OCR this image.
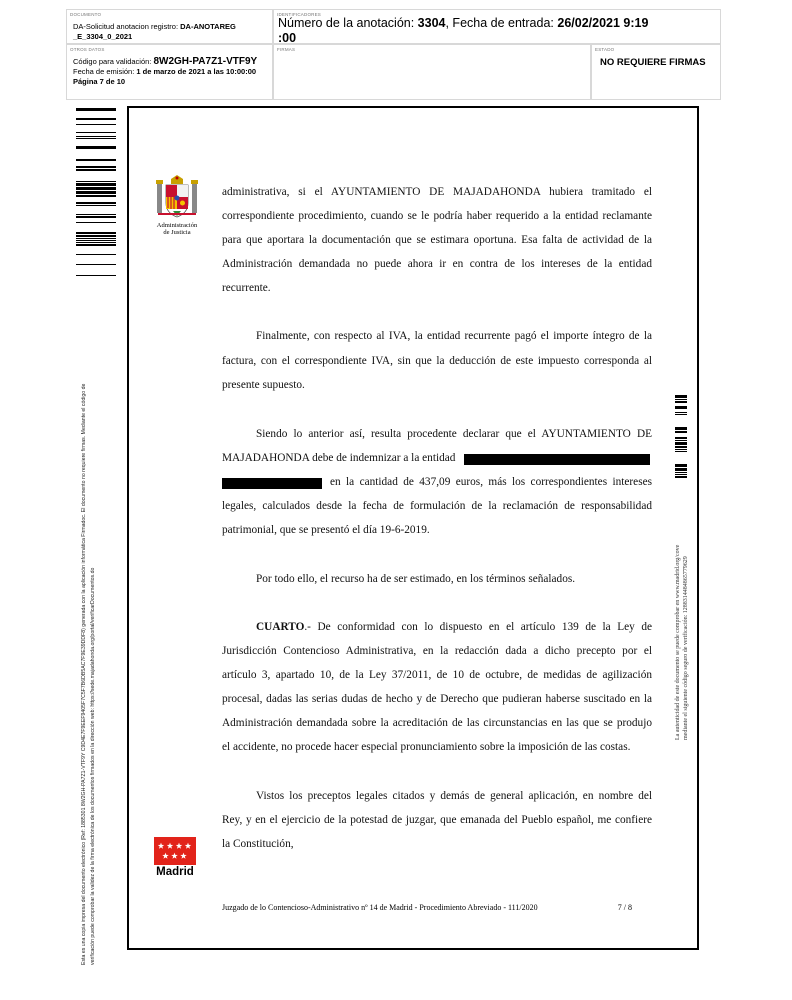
DOCUMENTO
DA-Solicitud anotacion registro: DA-ANOTAREG
_E_3304_0_2021
IDENTIFICADORES
Número de la anotación: 3304, Fecha de entrada: 26/02/2021 9:19
:00
OTROS DATOS
Código para validación: 8W2GH-PA7Z1-VTF9Y
Fecha de emisión: 1 de marzo de 2021 a las 10:00:00
Página 7 de 10
FIRMAS	ESTADO
NO REQUIERE FIRMAS
Esta es una copia impresa del documento electrónico (Ref: 1885301 8W2GH-PA7Z1-VTF9Y C9D4E7F9EEF9405F7C5F7B6DB5AC7F9E39DDF8) generada con la aplicación informática Firmadoc. El documento no requiere firmas. Mediante el código de verificación puede comprobar la validez de la firma electrónica de los documentos firmados en la dirección web: https://sede.majadahonda.org/portal/verificarDocumentos.do
Administración
de Justicia
Madrid
administrativa, si el AYUNTAMIENTO DE MAJADAHONDA hubiera tramitado el
correspondiente procedimiento, cuando se le podría haber requerido a la entidad reclamante
para que aportara la documentación que se estimara oportuna. Esa falta de actividad de la
Administración demandada no puede ahora ir en contra de los intereses de la entidad
recurrente.
Finalmente, con respecto al IVA, la entidad recurrente pagó el importe íntegro de la
factura, con el correspondiente IVA, sin que la deducción de este impuesto corresponda al
presente supuesto.
Siendo lo anterior así, resulta procedente declarar que el AYUNTAMIENTO DE
MAJADAHONDA debe de indemnizar a la entidad
en la cantidad de 437,09 euros, más los correspondientes intereses
legales, calculados desde la fecha de formulación de la reclamación de responsabilidad
patrimonial, que se presentó el día 19-6-2019.
Por todo ello, el recurso ha de ser estimado, en los términos señalados.
CUARTO.- De conformidad con lo dispuesto en el artículo 139 de la Ley de
Jurisdicción Contencioso Administrativa, en la redacción dada a dicho precepto por el
artículo 3, apartado 10, de la Ley 37/2011, de 10 de octubre, de medidas de agilización
procesal, dadas las serias dudas de hecho y de Derecho que pudieran haberse suscitado en la
Administración demandada sobre la acreditación de las circunstancias en las que se produjo
el accidente, no procede hacer especial pronunciamiento sobre la imposición de las costas.
Vistos los preceptos legales citados y demás de general aplicación, en nombre del
Rey, y en el ejercicio de la potestad de juzgar, que emanada del Pueblo español, me confiere
la Constitución,
Juzgado de lo Contencioso-Administrativo nº 14 de Madrid - Procedimiento Abreviado - 111/2020	7 / 8
La autenticidad de este documento se puede comprobar en www.madrid.org/cove mediante el siguiente código seguro de verificación: 1288314484865779629
